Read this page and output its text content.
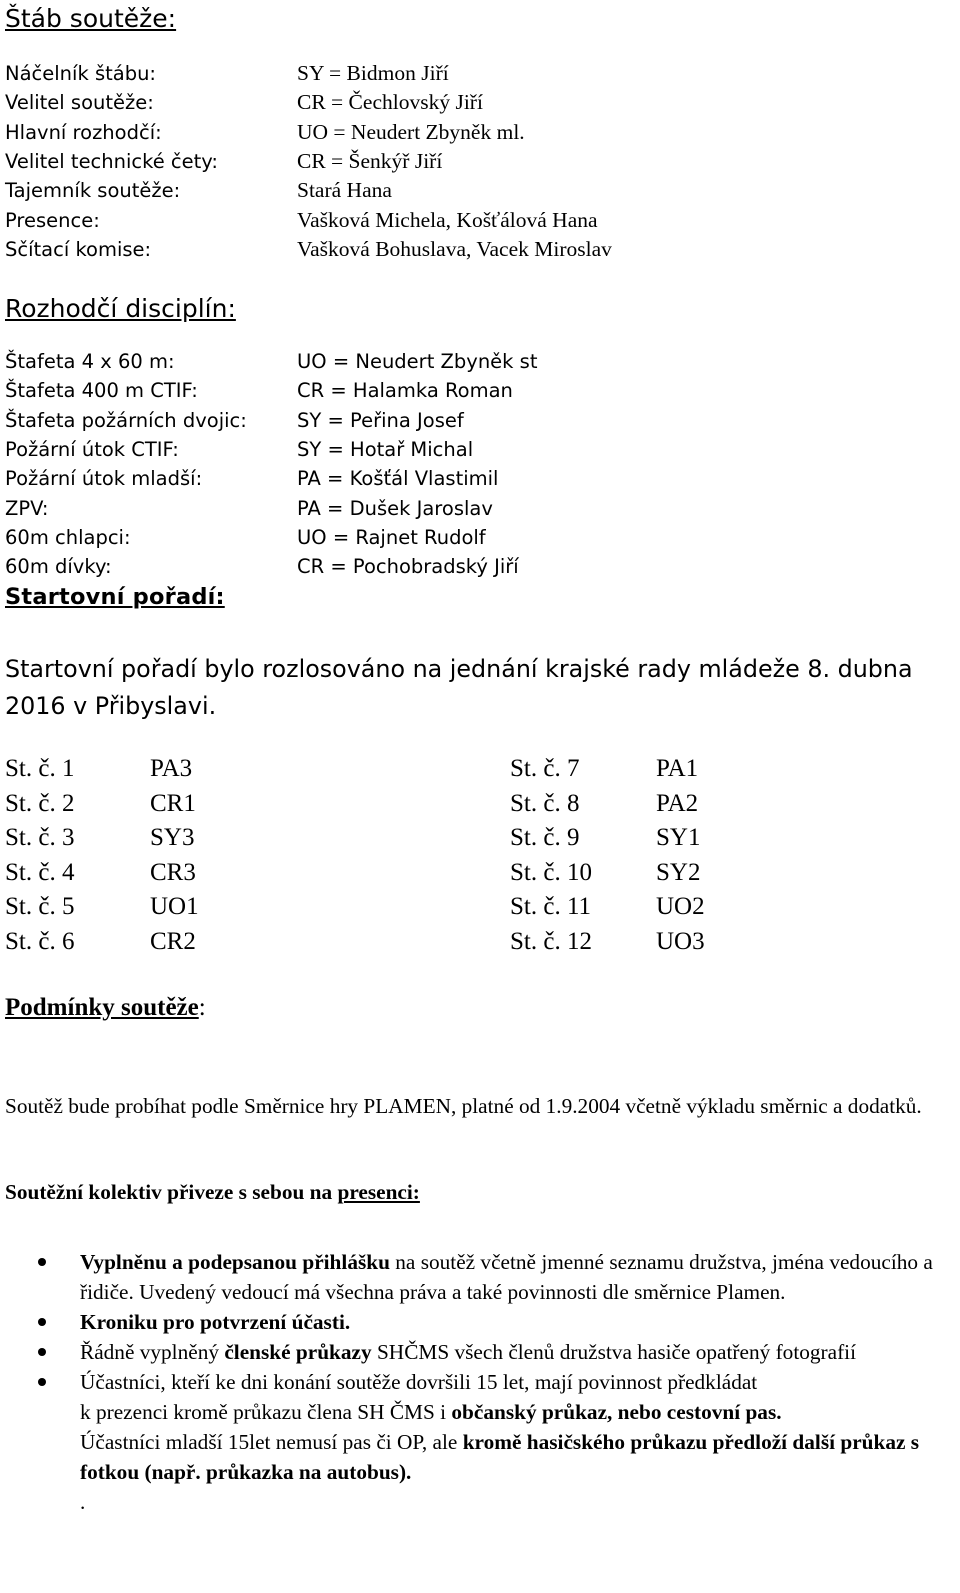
Štáb soutěže:
Náčelník štábu:	SY = Bidmon Jiří
Velitel soutěže:	CR = Čechlovský Jiří
Hlavní rozhodčí:	UO = Neudert Zbyněk ml.
Velitel technické čety:	CR = Šenkýř Jiří
Tajemník soutěže:	Stará Hana
Presence:	Vašková Michela, Košťálová Hana
Sčítací komise:	Vašková Bohuslava, Vacek Miroslav
Rozhodčí disciplín:
Štafeta 4 x 60 m:	UO = Neudert Zbyněk st
Štafeta 400 m CTIF:	CR = Halamka Roman
Štafeta požárních dvojic:	SY = Peřina Josef
Požární útok CTIF:	SY = Hotař Michal
Požární útok mladší:	PA = Košťál Vlastimil
ZPV:	PA = Dušek Jaroslav
60m chlapci:	UO = Rajnet Rudolf
60m dívky:	CR = Pochobradský Jiří
Startovní pořadí:
Startovní pořadí bylo rozlosováno na jednání krajské rady mládeže 8. dubna 2016 v Přibyslavi.
St. č. 1	PA3	St. č. 7	PA1
St. č. 2	CR1	St. č. 8	PA2
St. č. 3	SY3	St. č. 9	SY1
St. č. 4	CR3	St. č. 10	SY2
St. č. 5	UO1	St. č. 11	UO2
St. č. 6	CR2	St. č. 12	UO3
Podmínky soutěže:
Soutěž bude probíhat podle Směrnice hry PLAMEN, platné od 1.9.2004 včetně výkladu směrnic a dodatků.
Soutěžní kolektiv přiveze s sebou na presenci:
Vyplněnu a podepsanou přihlášku na soutěž včetně jmenné seznamu družstva, jména vedoucího a řidiče. Uvedený vedoucí má všechna práva a také povinnosti dle směrnice Plamen.
Kroniku pro potvrzení účasti.
Řádně vyplněný členské průkazy SHČMS všech členů družstva hasiče opatřený fotografií
Účastníci, kteří ke dni konání soutěže dovršili 15 let, mají povinnost předkládat
k prezenci kromě průkazu člena SH ČMS i občanský průkaz, nebo cestovní pas.
Účastníci mladší 15let nemusí pas či OP, ale kromě hasičského průkazu předloží další průkaz s fotkou (např. průkazka na autobus).
.
